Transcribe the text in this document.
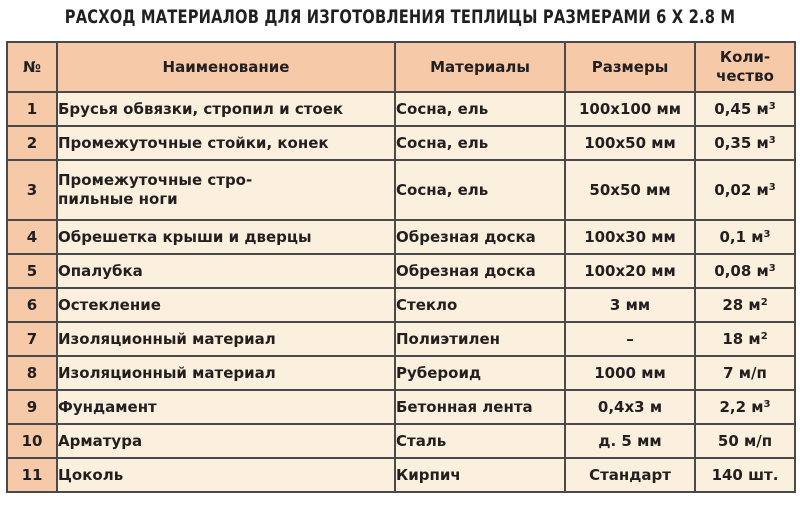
РАСХОД МАТЕРИАЛОВ ДЛЯ ИЗГОТОВЛЕНИЯ ТЕПЛИЦЫ РАЗМЕРАМИ 6 Х 2.8 М
№	Наименование	Материалы	Размеры	Коли-
чество
1	Брусья обвязки, стропил и стоек	Сосна, ель	100х100 мм	0,45 $м^3$
2	Промежуточные стойки, конек	Сосна, ель	100х50 мм	0,35 $м^3$
3	Промежуточные стро-
пильные ноги	Сосна, ель	50х50 мм	0,02 $м^3$
4	Обрешетка крыши и дверцы	Обрезная доска	100х30 мм	0,1 $м^3$
5	Опалубка	Обрезная доска	100х20 мм	0,08 $м^3$
6	Остекление	Стекло	3 мм	28 $м^2$
7	Изоляционный материал	Полиэтилен	–	18 $м^2$
8	Изоляционный материал	Рубероид	1000 мм	7 м/п
9	Фундамент	Бетонная лента	0,4х3 м	2,2 $м^3$
10	Арматура	Сталь	д. 5 мм	50 м/п
11	Цоколь	Кирпич	Стандарт	140 шт.
